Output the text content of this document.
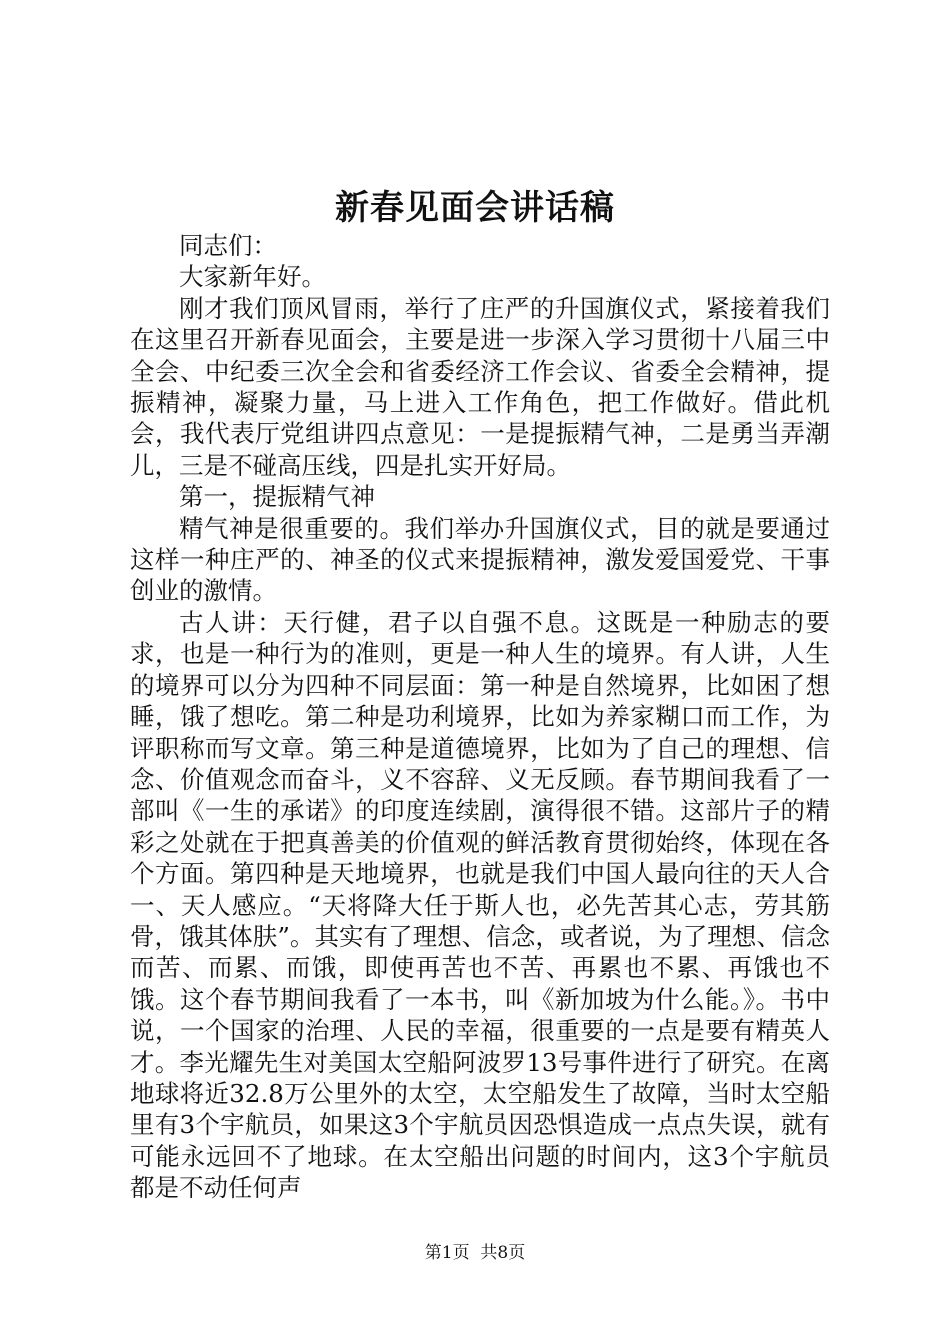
新春见面会讲话稿

同志们：

大家新年好。

刚才我们顶风冒雨，举行了庄严的升国旗仪式，紧接着我们在这里召开新春见面会，主要是进一步深入学习贯彻十八届三中全会、中纪委三次全会和省委经济工作会议、省委全会精神，提振精神，凝聚力量，马上进入工作角色，把工作做好。借此机会，我代表厅党组讲四点意见：一是提振精气神，二是勇当弄潮儿，三是不碰高压线，四是扎实开好局。

第一，提振精气神

精气神是很重要的。我们举办升国旗仪式，目的就是要通过这样一种庄严的、神圣的仪式来提振精神，激发爱国爱党、干事创业的激情。

古人讲：天行健，君子以自强不息。这既是一种励志的要求，也是一种行为的准则，更是一种人生的境界。有人讲，人生的境界可以分为四种不同层面：第一种是自然境界，比如困了想睡，饿了想吃。第二种是功利境界，比如为养家糊口而工作，为评职称而写文章。第三种是道德境界，比如为了自己的理想、信念、价值观念而奋斗，义不容辞、义无反顾。春节期间我看了一部叫《一生的承诺》的印度连续剧，演得很不错。这部片子的精彩之处就在于把真善美的价值观的鲜活教育贯彻始终，体现在各个方面。第四种是天地境界，也就是我们中国人最向往的天人合一、天人感应。“天将降大任于斯人也，必先苦其心志，劳其筋骨，饿其体肤”。其实有了理想、信念，或者说，为了理想、信念而苦、而累、而饿，即使再苦也不苦、再累也不累、再饿也不饿。这个春节期间我看了一本书，叫《新加坡为什么能。》。书中说，一个国家的治理、人民的幸福，很重要的一点是要有精英人才。李光耀先生对美国太空船阿波罗13号事件进行了研究。在离地球将近32.8万公里外的太空，太空船发生了故障，当时太空船里有3个宇航员，如果这3个宇航员因恐惧造成一点点失误，就有可能永远回不了地球。在太空船出问题的时间内，这3个宇航员都是不动任何声

第1页  共8页
